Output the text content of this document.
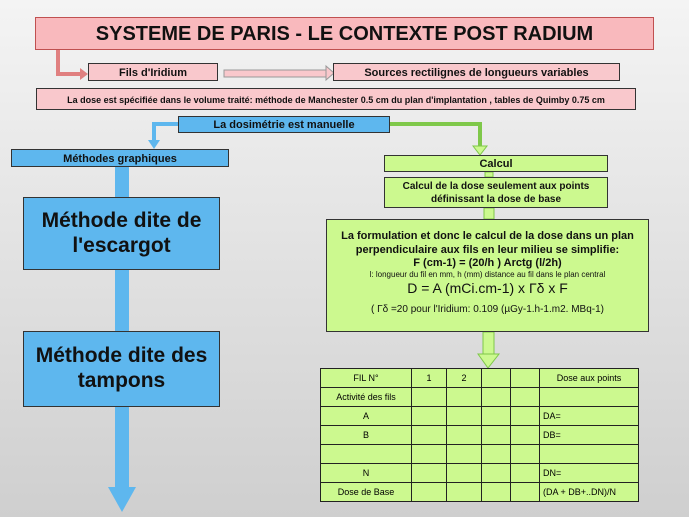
SYSTEME DE PARIS - LE CONTEXTE POST RADIUM
Fils d'Iridium	Sources rectilignes de longueurs variables
La dose est spécifiée dans le volume traité: méthode de Manchester 0.5 cm du plan d'implantation , tables de Quimby 0.75 cm
La dosimétrie est manuelle
Méthodes graphiques
Méthode dite de l'escargot
Méthode dite des tampons
Calcul
Calcul de la dose seulement aux points définissant la dose de base
La formulation et donc le calcul de la dose dans un plan perpendiculaire aux fils en leur milieu se simplifie:
F (cm-1) = (20/h ) Arctg (l/2h)
l: longueur du fil en mm, h (mm) distance au fil dans le plan central
D = A (mCi.cm-1) x Γδ x F
( Γδ =20 pour l'Iridium: 0.109 (µGy-1.h-1.m2. MBq-1)
FIL N°	1	2			Dose aux points
Activité des fils					
A					DA=
B					DB=

N					DN=
Dose de Base					(DA + DB+..DN)/N
